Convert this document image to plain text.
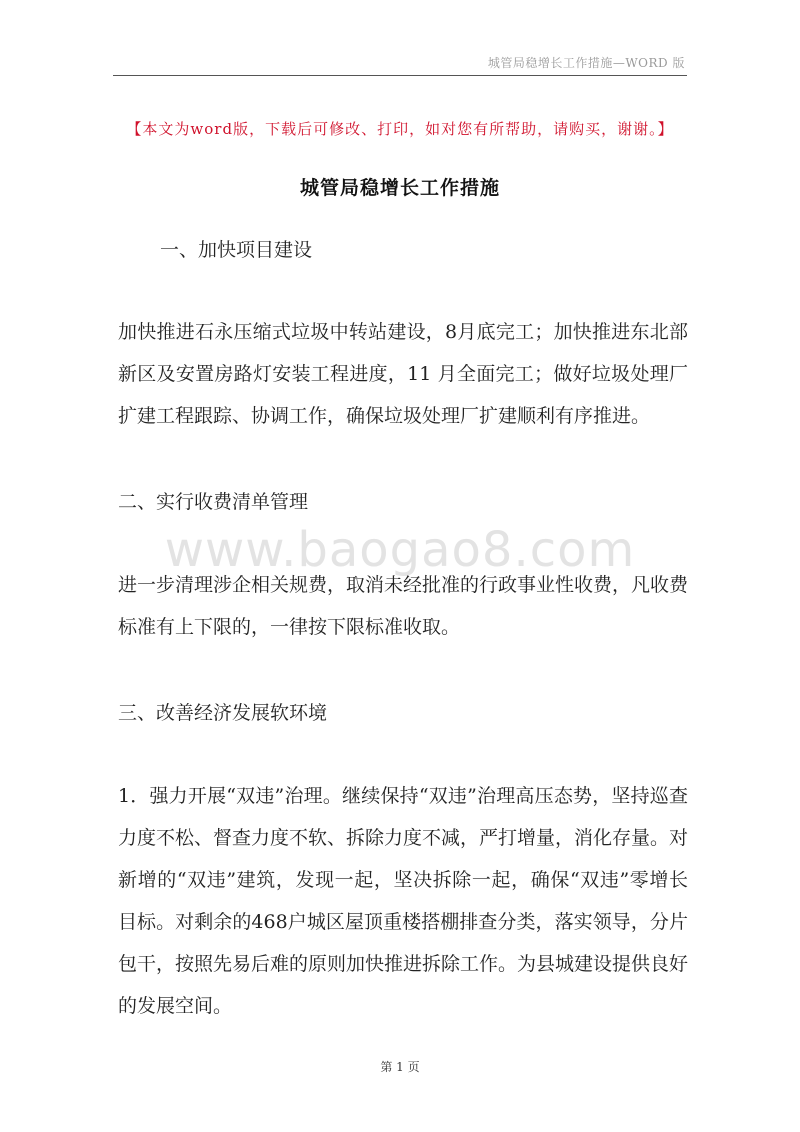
城管局稳增长工作措施—WORD 版
【本文为word版，下载后可修改、打印，如对您有所帮助，请购买，谢谢。】
城管局稳增长工作措施

一、加快项目建设

加快推进石永压缩式垃圾中转站建设，8月底完工；加快推进东北部新区及安置房路灯安装工程进度，11 月全面完工；做好垃圾处理厂扩建工程跟踪、协调工作，确保垃圾处理厂扩建顺利有序推进。

二、实行收费清单管理

www.baogao8.com

进一步清理涉企相关规费，取消未经批准的行政事业性收费，凡收费标准有上下限的，一律按下限标准收取。

三、改善经济发展软环境

1．强力开展“双违”治理。继续保持“双违”治理高压态势，坚持巡查力度不松、督查力度不软、拆除力度不减，严打增量，消化存量。对新增的“双违”建筑，发现一起，坚决拆除一起，确保“双违”零增长目标。对剩余的468户城区屋顶重楼搭棚排查分类，落实领导，分片包干，按照先易后难的原则加快推进拆除工作。为县城建设提供良好的发展空间。

第 1 页
